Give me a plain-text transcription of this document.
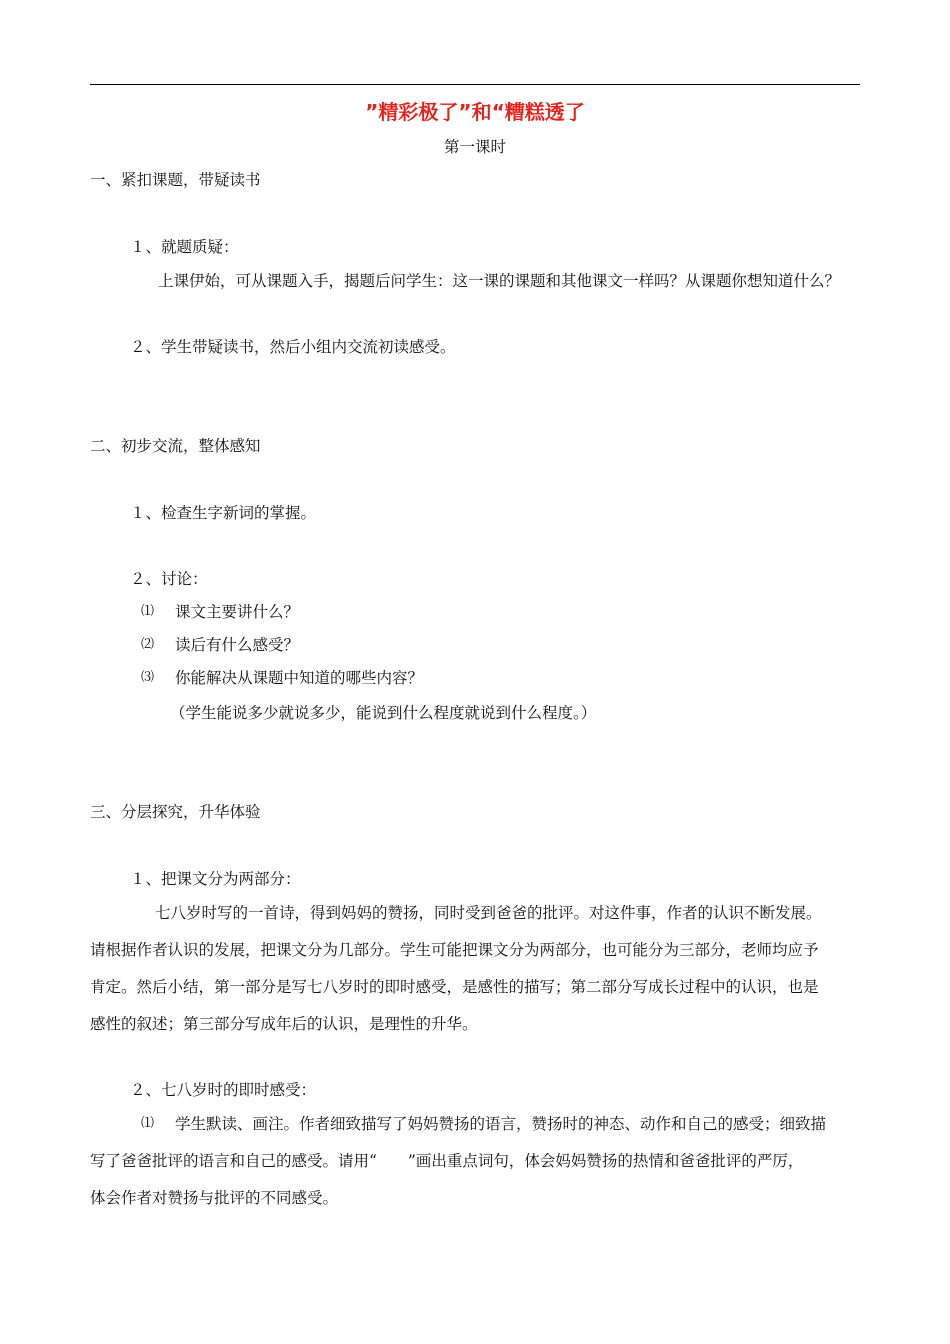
”精彩极了”和“糟糕透了
第一课时
一、紧扣课题，带疑读书
１、就题质疑：
上课伊始，可从课题入手，揭题后问学生：这一课的课题和其他课文一样吗？从课题你想知道什么？
２、学生带疑读书，然后小组内交流初读感受。
二、初步交流，整体感知
１、检查生字新词的掌握。
２、讨论：
⑴ 课文主要讲什么？
⑵ 读后有什么感受？
⑶ 你能解决从课题中知道的哪些内容？
（学生能说多少就说多少，能说到什么程度就说到什么程度。）
三、分层探究，升华体验
１、把课文分为两部分：
七八岁时写的一首诗，得到妈妈的赞扬，同时受到爸爸的批评。对这件事，作者的认识不断发展。
请根据作者认识的发展，把课文分为几部分。学生可能把课文分为两部分，也可能分为三部分，老师均应予
肯定。然后小结，第一部分是写七八岁时的即时感受，是感性的描写；第二部分写成长过程中的认识，也是
感性的叙述；第三部分写成年后的认识，是理性的升华。
２、七八岁时的即时感受：
⑴ 学生默读、画注。作者细致描写了妈妈赞扬的语言，赞扬时的神态、动作和自己的感受；细致描
写了爸爸批评的语言和自己的感受。请用“　　”画出重点词句，体会妈妈赞扬的热情和爸爸批评的严厉，
体会作者对赞扬与批评的不同感受。
